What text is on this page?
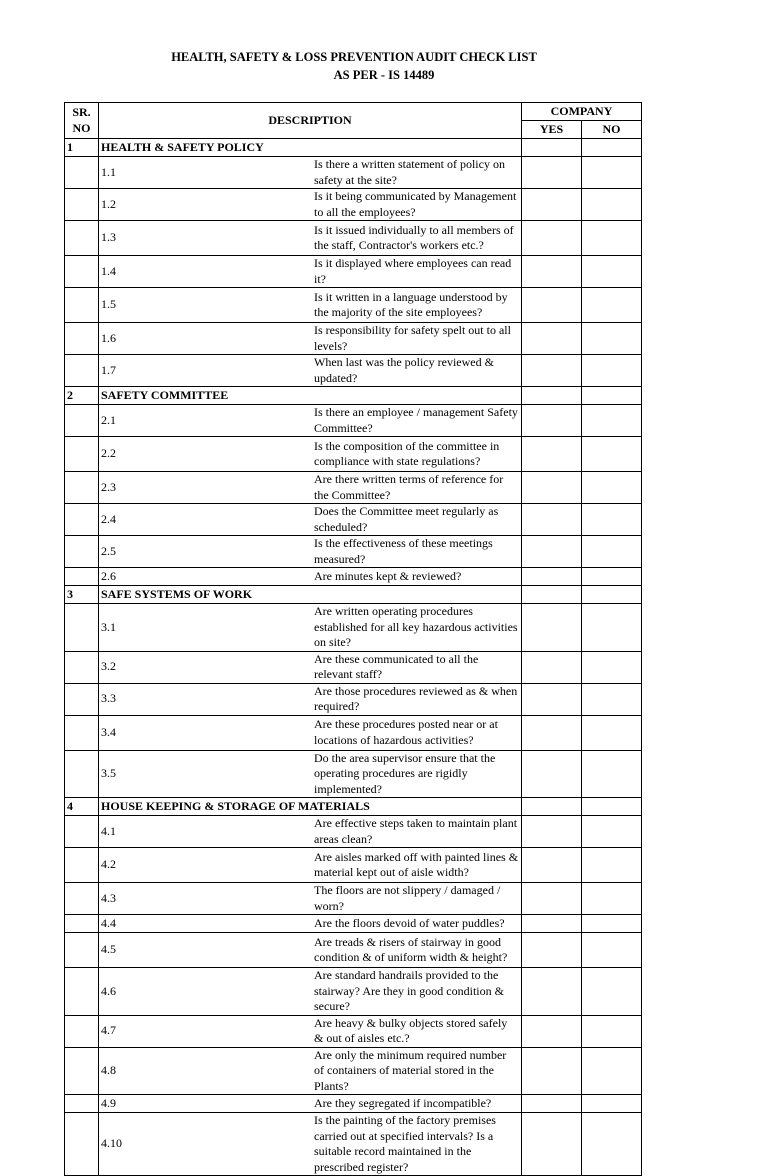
HEALTH, SAFETY & LOSS PREVENTION AUDIT CHECK LIST
AS PER - IS 14489
SR.
NO	DESCRIPTION		COMPANY	
			YES	NO
1	HEALTH & SAFETY POLICY			
	1.1	Is there a written statement of policy on safety at the site?		
	1.2	Is it being communicated by Management to all the employees?		
	1.3	Is it issued individually to all members of the staff, Contractor's workers etc.?		
	1.4	Is it displayed where employees can read it?		
	1.5	Is it written in a language understood by the majority of the site employees?		
	1.6	Is responsibility for safety spelt out to all levels?		
	1.7	When last was the policy reviewed & updated?		
2	SAFETY COMMITTEE			
	2.1	Is there an employee / management Safety Committee?		
	2.2	Is the composition of the committee in compliance with state regulations?		
	2.3	Are there written terms of reference for the Committee?		
	2.4	Does the Committee meet regularly as scheduled?		
	2.5	Is the effectiveness of these meetings measured?		
	2.6	Are minutes kept & reviewed?		
3	SAFE SYSTEMS OF WORK			
	3.1	Are written operating procedures established for all key hazardous activities on site?		
	3.2	Are these communicated to all the relevant staff?		
	3.3	Are those procedures reviewed as & when required?		
	3.4	Are these procedures posted near or at locations of hazardous activities?		
	3.5	Do the area supervisor ensure that the operating procedures are rigidly implemented?		
4	HOUSE KEEPING & STORAGE OF MATERIALS			
	4.1	Are effective steps taken to maintain plant areas clean?		
	4.2	Are aisles marked off with painted lines & material kept out of aisle width?		
	4.3	The floors are not slippery / damaged / worn?		
	4.4	Are the floors devoid of water puddles?		
	4.5	Are treads & risers of stairway in good condition & of uniform width & height?		
	4.6	Are standard handrails provided to the stairway? Are they in good condition & secure?		
	4.7	Are heavy & bulky objects stored safely & out of aisles etc.?		
	4.8	Are only the minimum required number of containers of material stored in the Plants?		
	4.9	Are they segregated if incompatible?		
	4.10	Is the painting of the factory premises carried out at specified intervals? Is a suitable record maintained in the prescribed register?		
